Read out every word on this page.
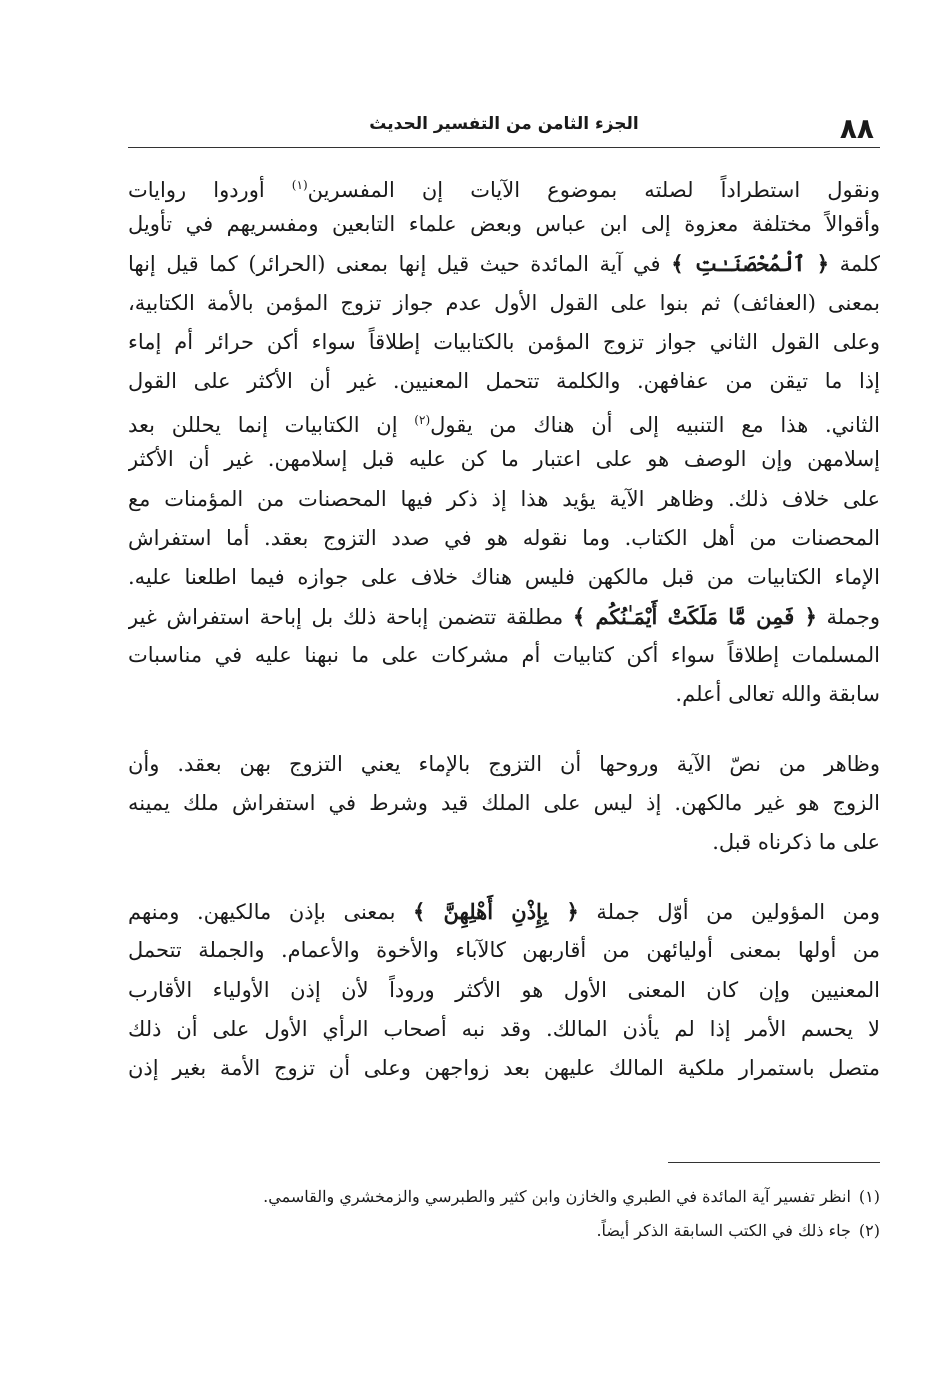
٨٨
الجزء الثامن من التفسير الحديث
ونقول استطراداً لصلته بموضوع الآيات إن المفسرين$^{(١)}$ أوردوا روايات
وأقوالاً مختلفة معزوة إلى ابن عباس وبعض علماء التابعين ومفسريهم في تأويل
كلمة ﴿ ٱلْمُحْصَنَـٰتِ ﴾ في آية المائدة حيث قيل إنها بمعنى (الحرائر) كما قيل إنها
بمعنى (العفائف) ثم بنوا على القول الأول عدم جواز تزوج المؤمن بالأمة الكتابية،
وعلى القول الثاني جواز تزوج المؤمن بالكتابيات إطلاقاً سواء أكن حرائر أم إماء
إذا ما تيقن من عفافهن. والكلمة تتحمل المعنيين. غير أن الأكثر على القول
الثاني. هذا مع التنبيه إلى أن هناك من يقول$^{(٢)}$ إن الكتابيات إنما يحللن بعد
إسلامهن وإن الوصف هو على اعتبار ما كن عليه قبل إسلامهن. غير أن الأكثر
على خلاف ذلك. وظاهر الآية يؤيد هذا إذ ذكر فيها المحصنات من المؤمنات مع
المحصنات من أهل الكتاب. وما نقوله هو في صدد التزوج بعقد. أما استفراش
الإماء الكتابيات من قبل مالكهن فليس هناك خلاف على جوازه فيما اطلعنا عليه.
وجملة ﴿ فَمِن مَّا مَلَكَتْ أَيْمَـٰنُكُم ﴾ مطلقة تتضمن إباحة ذلك بل إباحة استفراش غير
المسلمات إطلاقاً سواء أكن كتابيات أم مشركات على ما نبهنا عليه في مناسبات
سابقة والله تعالى أعلم.
وظاهر من نصّ الآية وروحها أن التزوج بالإماء يعني التزوج بهن بعقد. وأن
الزوج هو غير مالكهن. إذ ليس على الملك قيد وشرط في استفراش ملك يمينه
على ما ذكرناه قبل.
ومن المؤولين من أوّل جملة ﴿ بِإِذْنِ أَهْلِهِنَّ ﴾ بمعنى بإذن مالكيهن. ومنهم
من أولها بمعنى أوليائهن من أقاربهن كالآباء والأخوة والأعمام. والجملة تتحمل
المعنيين وإن كان المعنى الأول هو الأكثر وروداً لأن إذن الأولياء الأقارب
لا يحسم الأمر إذا لم يأذن المالك. وقد نبه أصحاب الرأي الأول على أن ذلك
متصل باستمرار ملكية المالك عليهن بعد زواجهن وعلى أن تزوج الأمة بغير إذن
(١)انظر تفسير آية المائدة في الطبري والخازن وابن كثير والطبرسي والزمخشري والقاسمي.
(٢)جاء ذلك في الكتب السابقة الذكر أيضاً.
